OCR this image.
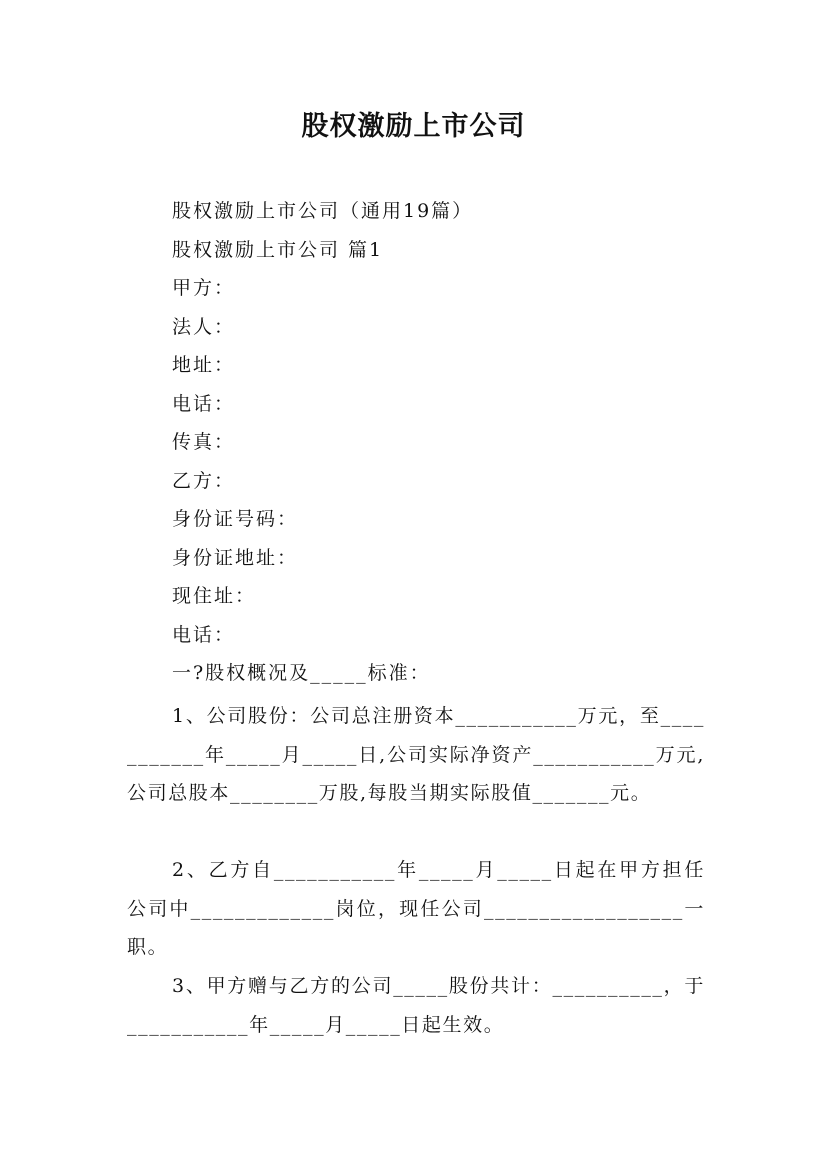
股权激励上市公司

股权激励上市公司（通用19篇）

股权激励上市公司 篇1

甲方：

法人：

地址：

电话：

传真：

乙方：

身份证号码：

身份证地址：

现住址：

电话：

一?股权概况及_____标准：

1、公司股份：公司总注册资本___________万元，至___________年_____月_____日,公司实际净资产___________万元,公司总股本________万股,每股当期实际股值_______元。

2、乙方自___________年_____月_____日起在甲方担任公司中_____________岗位，现任公司__________________一职。

3、甲方赠与乙方的公司_____股份共计：__________，于___________年_____月_____日起生效。
